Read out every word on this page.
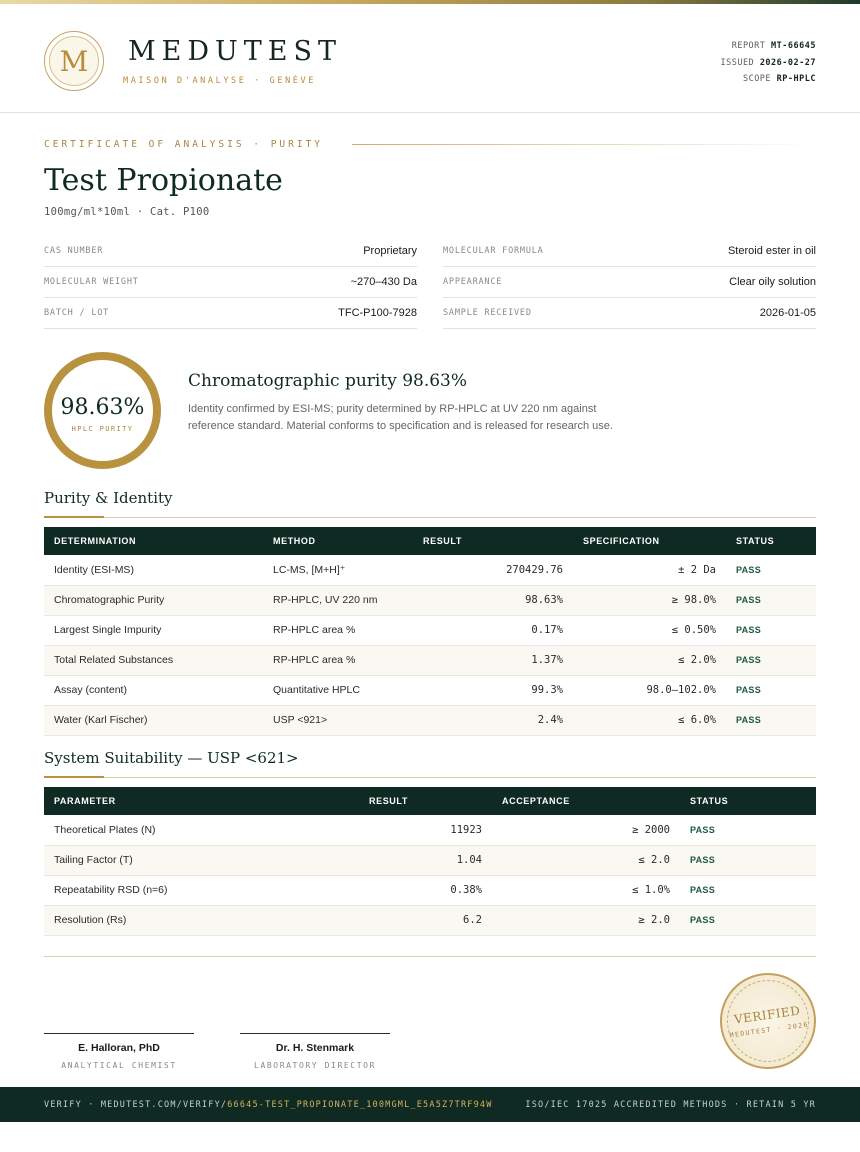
M	MEDUTEST
MAISON D'ANALYSE · GENÈVE
REPORT MT-66645
ISSUED 2026-02-27
SCOPE RP-HPLC
CERTIFICATE OF ANALYSIS · PURITY
Test Propionate
100mg/ml*10ml · Cat. P100
CAS NUMBER	Proprietary	MOLECULAR FORMULA	Steroid ester in oil
MOLECULAR WEIGHT	~270–430 Da	APPEARANCE	Clear oily solution
BATCH / LOT	TFC-P100-7928	SAMPLE RECEIVED	2026-01-05
98.63%
HPLC PURITY
Chromatographic purity 98.63%
Identity confirmed by ESI-MS; purity determined by RP-HPLC at UV 220 nm against reference standard. Material conforms to specification and is released for research use.
Purity & Identity
DETERMINATION	METHOD	RESULT	SPECIFICATION	STATUS
Identity (ESI-MS)	LC-MS, [M+H]⁺	270429.76	± 2 Da	PASS
Chromatographic Purity	RP-HPLC, UV 220 nm	98.63%	≥ 98.0%	PASS
Largest Single Impurity	RP-HPLC area %	0.17%	≤ 0.50%	PASS
Total Related Substances	RP-HPLC area %	1.37%	≤ 2.0%	PASS
Assay (content)	Quantitative HPLC	99.3%	98.0–102.0%	PASS
Water (Karl Fischer)	USP <921>	2.4%	≤ 6.0%	PASS
System Suitability — USP <621>
PARAMETER	RESULT	ACCEPTANCE	STATUS
Theoretical Plates (N)	11923	≥ 2000	PASS
Tailing Factor (T)	1.04	≤ 2.0	PASS
Repeatability RSD (n=6)	0.38%	≤ 1.0%	PASS
Resolution (Rs)	6.2	≥ 2.0	PASS
E. Halloran, PhD
ANALYTICAL CHEMIST
Dr. H. Stenmark
LABORATORY DIRECTOR
VERIFIED
MEDUTEST · 2026
VERIFY · MEDUTEST.COM/VERIFY/66645-TEST_PROPIONATE_100MGML_E5A5Z7TRF94W	ISO/IEC 17025 ACCREDITED METHODS · RETAIN 5 YR
